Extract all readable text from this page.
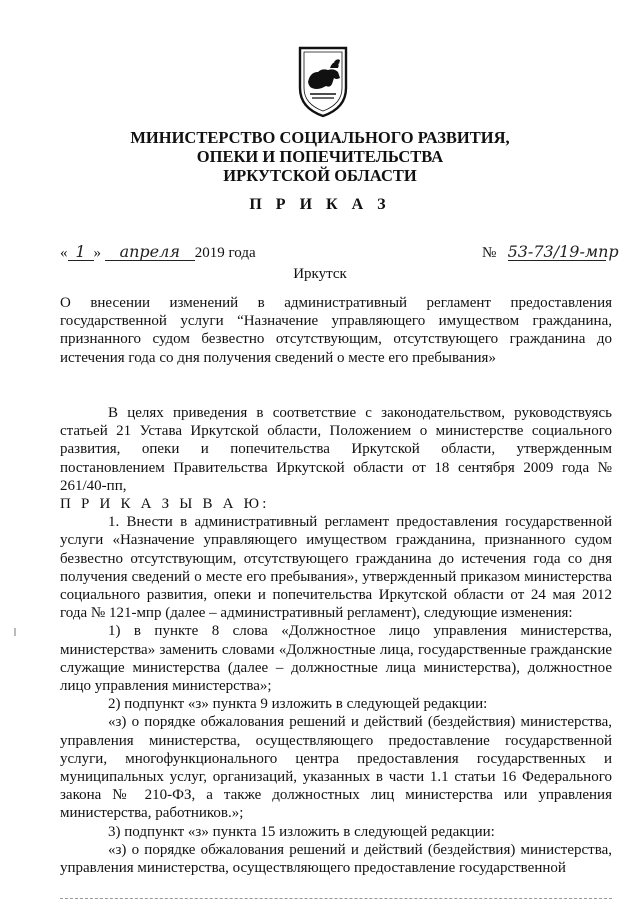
МИНИСТЕРСТВО СОЦИАЛЬНОГО РАЗВИТИЯ,
ОПЕКИ И ПОПЕЧИТЕЛЬСТВА
ИРКУТСКОЙ ОБЛАСТИ
П Р И К А З
« 1 » апреля 2019 года	№ 53-73/19-мпр
Иркутск

О внесении изменений в административный регламент предоставления государственной услуги “Назначение управляющего имуществом гражданина, признанного судом безвестно отсутствующим, отсутствующего гражданина до истечения года со дня получения сведений о месте его пребывания»

В целях приведения в соответствие с законодательством, руководствуясь статьей 21 Устава Иркутской области, Положением о министерстве социального развития, опеки и попечительства Иркутской области, утвержденным постановлением Правительства Иркутской области от 18 сентября 2009 года № 261/40-пп,

П Р И К А З Ы В А Ю:

1. Внести в административный регламент предоставления государственной услуги «Назначение управляющего имуществом гражданина, признанного судом безвестно отсутствующим, отсутствующего гражданина до истечения года со дня получения сведений о месте его пребывания», утвержденный приказом министерства социального развития, опеки и попечительства Иркутской области от 24 мая 2012 года № 121-мпр (далее – административный регламент), следующие изменения:

1) в пункте 8 слова «Должностное лицо управления министерства, министерства» заменить словами «Должностные лица, государственные гражданские служащие министерства (далее – должностные лица министерства), должностное лицо управления министерства»;

2) подпункт «з» пункта 9 изложить в следующей редакции:

«з) о порядке обжалования решений и действий (бездействия) министерства, управления министерства, осуществляющего предоставление государственной услуги, многофункционального центра предоставления государственных и муниципальных услуг, организаций, указанных в части 1.1 статьи 16 Федерального закона № 210-ФЗ, а также должностных лиц министерства или управления министерства, работников.»;

3) подпункт «з» пункта 15 изложить в следующей редакции:

«з) о порядке обжалования решений и действий (бездействия) министерства, управления министерства, осуществляющего предоставление государственной
